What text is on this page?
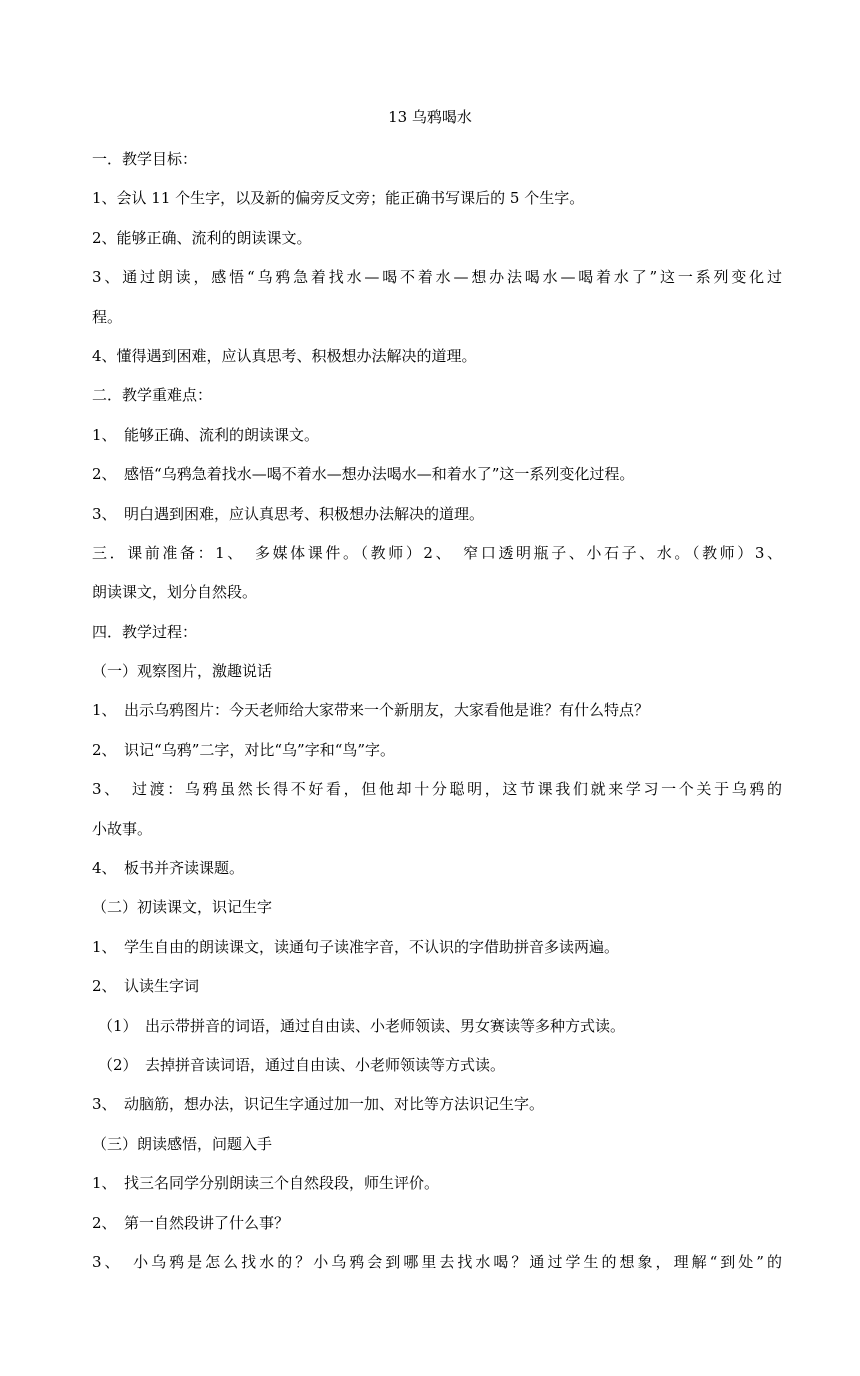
13 乌鸦喝水
一．教学目标：
1、会认 11 个生字，以及新的偏旁反文旁；能正确书写课后的 5 个生字。
2、能够正确、流利的朗读课文。
3、通过朗读，感悟“乌鸦急着找水—喝不着水—想办法喝水—喝着水了”这一系列变化过
程。
4、懂得遇到困难，应认真思考、积极想办法解决的道理。
二．教学重难点：
1、　能够正确、流利的朗读课文。
2、　感悟“乌鸦急着找水—喝不着水—想办法喝水—和着水了”这一系列变化过程。
3、　明白遇到困难，应认真思考、积极想办法解决的道理。
三．课前准备：1、　多媒体课件。（教师）2、　窄口透明瓶子、小石子、水。（教师）3、
朗读课文，划分自然段。
四．教学过程：
（一）观察图片，激趣说话
1、　出示乌鸦图片：今天老师给大家带来一个新朋友，大家看他是谁？有什么特点？
2、　识记“乌鸦”二字，对比“乌”字和“鸟”字。
3、　过渡：乌鸦虽然长得不好看，但他却十分聪明，这节课我们就来学习一个关于乌鸦的
小故事。
4、　板书并齐读课题。
（二）初读课文，识记生字
1、　学生自由的朗读课文，读通句子读准字音，不认识的字借助拼音多读两遍。
2、　认读生字词
（1）　出示带拼音的词语，通过自由读、小老师领读、男女赛读等多种方式读。
（2）　去掉拼音读词语，通过自由读、小老师领读等方式读。
3、　动脑筋，想办法，识记生字通过加一加、对比等方法识记生字。
（三）朗读感悟，问题入手
1、　找三名同学分别朗读三个自然段段，师生评价。
2、　第一自然段讲了什么事？
3、　小乌鸦是怎么找水的？小乌鸦会到哪里去找水喝？通过学生的想象，理解“到处”的
